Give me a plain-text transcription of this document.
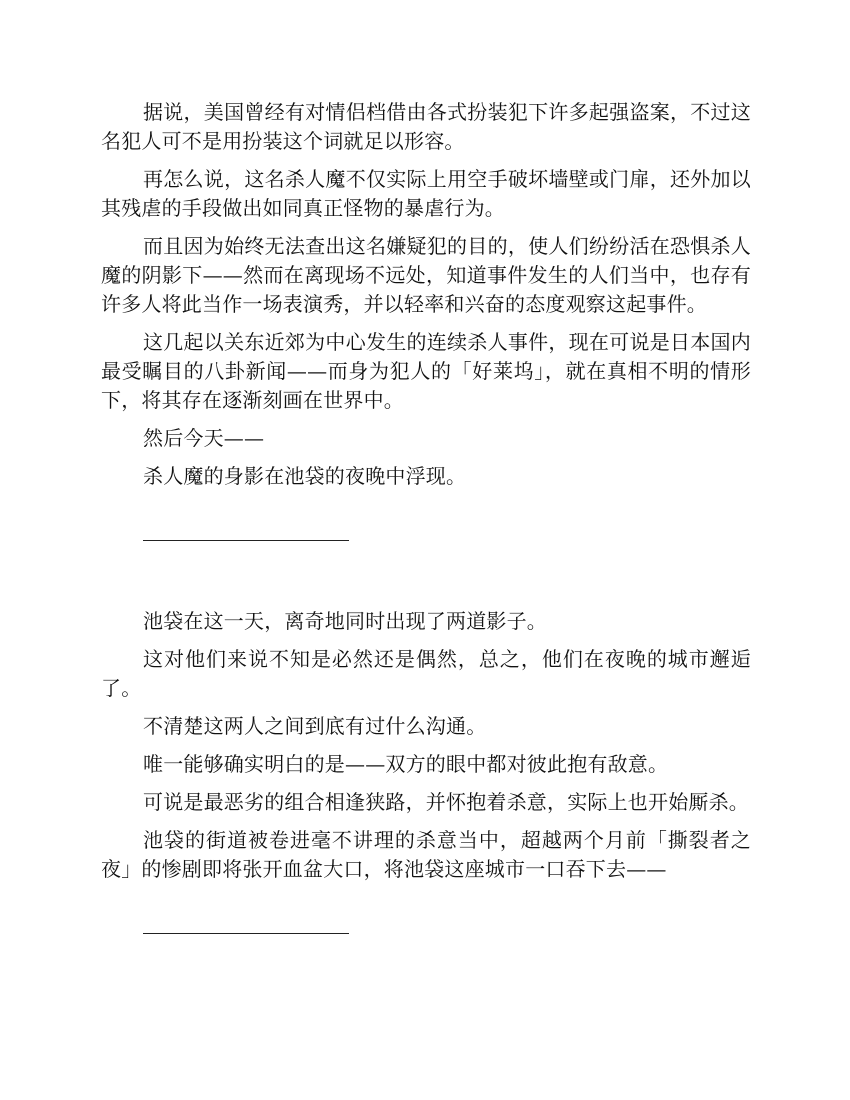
据说，美国曾经有对情侣档借由各式扮装犯下许多起强盗案，不过这名犯人可不是用扮装这个词就足以形容。

再怎么说，这名杀人魔不仅实际上用空手破坏墙壁或门扉，还外加以其残虐的手段做出如同真正怪物的暴虐行为。

而且因为始终无法查出这名嫌疑犯的目的，使人们纷纷活在恐惧杀人魔的阴影下——然而在离现场不远处，知道事件发生的人们当中，也存有许多人将此当作一场表演秀，并以轻率和兴奋的态度观察这起事件。

这几起以关东近郊为中心发生的连续杀人事件，现在可说是日本国内最受瞩目的八卦新闻——而身为犯人的「好莱坞」，就在真相不明的情形下，将其存在逐渐刻画在世界中。

然后今天——

杀人魔的身影在池袋的夜晚中浮现。

池袋在这一天，离奇地同时出现了两道影子。

这对他们来说不知是必然还是偶然，总之，他们在夜晚的城市邂逅了。

不清楚这两人之间到底有过什么沟通。

唯一能够确实明白的是——双方的眼中都对彼此抱有敌意。

可说是最恶劣的组合相逢狭路，并怀抱着杀意，实际上也开始厮杀。

池袋的街道被卷进毫不讲理的杀意当中，超越两个月前「撕裂者之夜」的惨剧即将张开血盆大口，将池袋这座城市一口吞下去——
